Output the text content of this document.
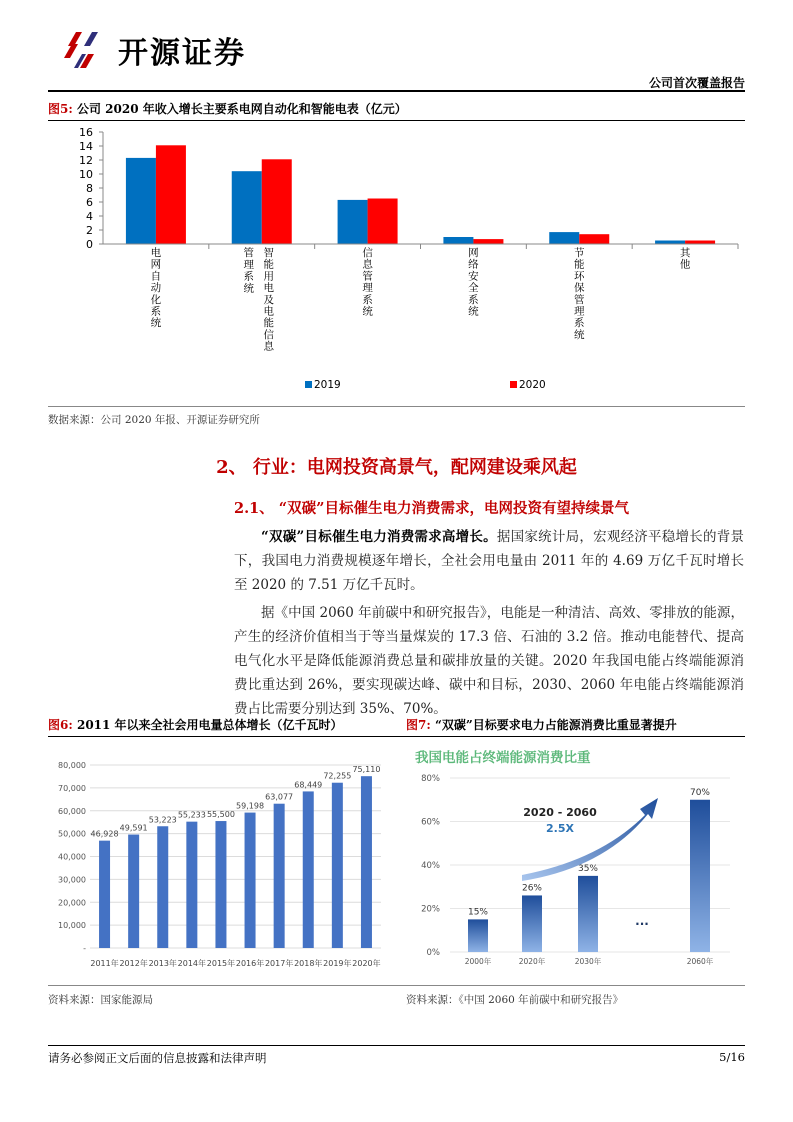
开源证券
公司首次覆盖报告
图5: 公司 2020 年收入增长主要系电网自动化和智能电表（亿元）
0
2
4
6
8
10
12
14
16
电网自动化系统
智能用电及电能信息
管理系统
信息管理系统
网络安全系统
节能环保管理系统
其他
2019	2020
数据来源：公司 2020 年报、开源证券研究所
2、 行业：电网投资高景气，配网建设乘风起
2.1、 “双碳”目标催生电力消费需求，电网投资有望持续景气

“双碳”目标催生电力消费需求高增长。据国家统计局，宏观经济平稳增长的背景下，我国电力消费规模逐年增长，全社会用电量由 2011 年的 4.69 万亿千瓦时增长至 2020 的 7.51 万亿千瓦时。

据《中国 2060 年前碳中和研究报告》，电能是一种清洁、高效、零排放的能源，产生的经济价值相当于等当量煤炭的 17.3 倍、石油的 3.2 倍。推动电能替代、提高电气化水平是降低能源消费总量和碳排放量的关键。2020 年我国电能占终端能源消费比重达到 26%，要实现碳达峰、碳中和目标，2030、2060 年电能占终端能源消费占比需要分别达到 35%、70%。

图6: 2011 年以来全社会用电量总体增长（亿千瓦时）	图7: “双碳”目标要求电力占能源消费比重显著提升
-
10,000
20,000
30,000
40,000
50,000
60,000
70,000
80,000
46,928
2011年
49,591
2012年
53,223
2013年
55,233
2014年
55,500
2015年
59,198
2016年
63,077
2017年
68,449
2018年
72,255
2019年
75,110
2020年
我国电能占终端能源消费比重
0%
20%
40%
60%
80%
15%
2000年
26%
2020年
35%
2030年
70%
2060年
...
2020 - 2060
2.5X
资料来源：国家能源局	资料来源：《中国 2060 年前碳中和研究报告》
请务必参阅正文后面的信息披露和法律声明	5/16
